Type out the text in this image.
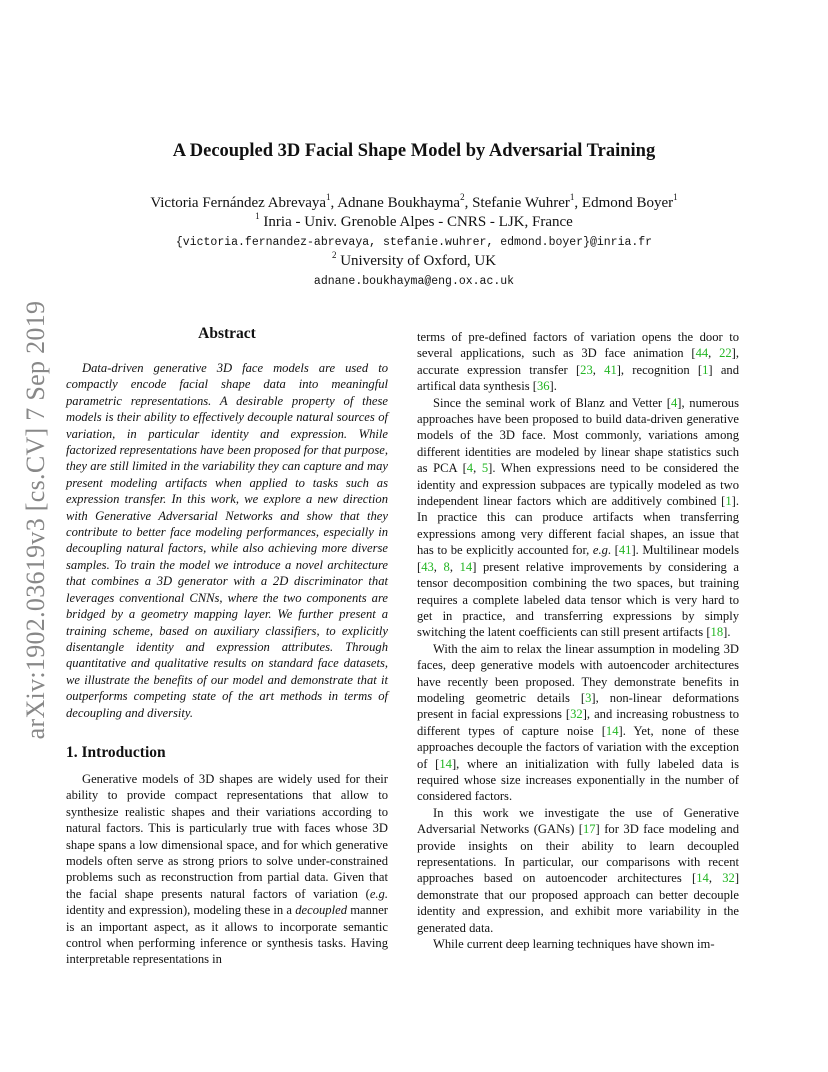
arXiv:1902.03619v3 [cs.CV] 7 Sep 2019
A Decoupled 3D Facial Shape Model by Adversarial Training
Victoria Fernández Abrevaya$^1$, Adnane Boukhayma$^2$, Stefanie Wuhrer$^1$, Edmond Boyer$^1$
$^1$ Inria - Univ. Grenoble Alpes - CNRS - LJK, France
{victoria.fernandez-abrevaya, stefanie.wuhrer, edmond.boyer}@inria.fr
$^2$ University of Oxford, UK
adnane.boukhayma@eng.ox.ac.uk
Abstract

Data-driven generative 3D face models are used to compactly encode facial shape data into meaningful parametric representations. A desirable property of these models is their ability to effectively decouple natural sources of variation, in particular identity and expression. While factorized representations have been proposed for that purpose, they are still limited in the variability they can capture and may present modeling artifacts when applied to tasks such as expression transfer. In this work, we explore a new direction with Generative Adversarial Networks and show that they contribute to better face modeling performances, especially in decoupling natural factors, while also achieving more diverse samples. To train the model we introduce a novel architecture that combines a 3D generator with a 2D discriminator that leverages conventional CNNs, where the two components are bridged by a geometry mapping layer. We further present a training scheme, based on auxiliary classifiers, to explicitly disentangle identity and expression attributes. Through quantitative and qualitative results on standard face datasets, we illustrate the benefits of our model and demonstrate that it outperforms competing state of the art methods in terms of decoupling and diversity.

1. Introduction

Generative models of 3D shapes are widely used for their ability to provide compact representations that allow to synthesize realistic shapes and their variations according to natural factors. This is particularly true with faces whose 3D shape spans a low dimensional space, and for which generative models often serve as strong priors to solve under-constrained problems such as reconstruction from partial data. Given that the facial shape presents natural factors of variation (e.g. identity and expression), modeling these in a decoupled manner is an important aspect, as it allows to incorporate semantic control when performing inference or synthesis tasks. Having interpretable representations in

terms of pre-defined factors of variation opens the door to several applications, such as 3D face animation [44, 22], accurate expression transfer [23, 41], recognition [1] and artifical data synthesis [36].

Since the seminal work of Blanz and Vetter [4], numerous approaches have been proposed to build data-driven generative models of the 3D face. Most commonly, variations among different identities are modeled by linear shape statistics such as PCA [4, 5]. When expressions need to be considered the identity and expression subpaces are typically modeled as two independent linear factors which are additively combined [1]. In practice this can produce artifacts when transferring expressions among very different facial shapes, an issue that has to be explicitly accounted for, e.g. [41]. Multilinear models [43, 8, 14] present relative improvements by considering a tensor decomposition combining the two spaces, but training requires a complete labeled data tensor which is very hard to get in practice, and transferring expressions by simply switching the latent coefficients can still present artifacts [18].

With the aim to relax the linear assumption in modeling 3D faces, deep generative models with autoencoder architectures have recently been proposed. They demonstrate benefits in modeling geometric details [3], non-linear deformations present in facial expressions [32], and increasing robustness to different types of capture noise [14]. Yet, none of these approaches decouple the factors of variation with the exception of [14], where an initialization with fully labeled data is required whose size increases exponentially in the number of considered factors.

In this work we investigate the use of Generative Adversarial Networks (GANs) [17] for 3D face modeling and provide insights on their ability to learn decoupled representations. In particular, our comparisons with recent approaches based on autoencoder architectures [14, 32] demonstrate that our proposed approach can better decouple identity and expression, and exhibit more variability in the generated data.

While current deep learning techniques have shown im-
